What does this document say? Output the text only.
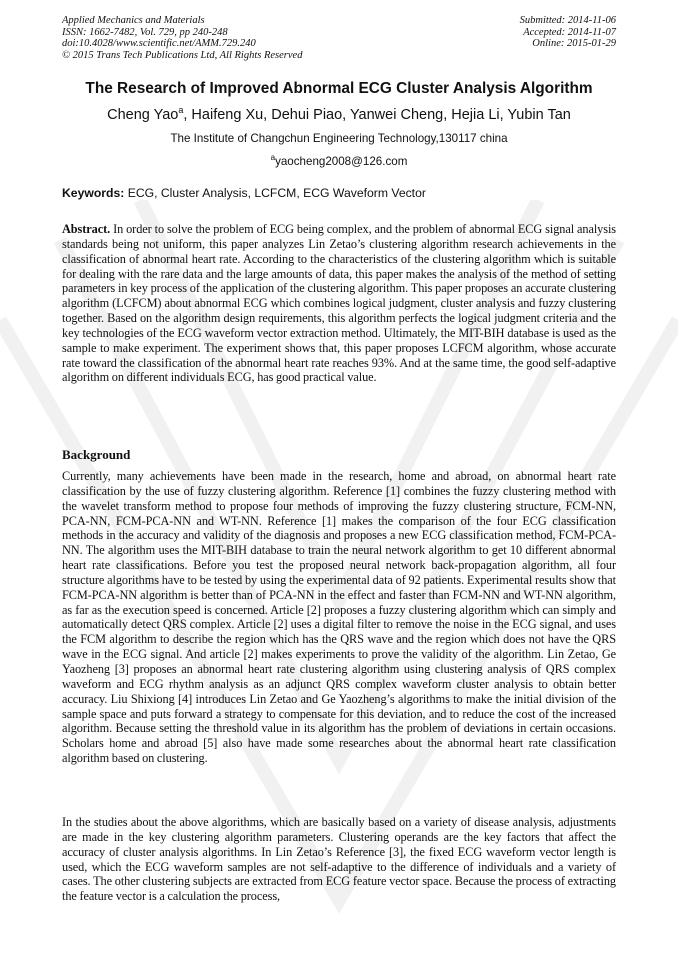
Applied Mechanics and Materials
ISSN: 1662-7482, Vol. 729, pp 240-248
doi:10.4028/www.scientific.net/AMM.729.240
© 2015 Trans Tech Publications Ltd, All Rights Reserved
Submitted: 2014-11-06
Accepted: 2014-11-07
Online: 2015-01-29
The Research of Improved Abnormal ECG Cluster Analysis Algorithm
Cheng Yao$^a$, Haifeng Xu, Dehui Piao, Yanwei Cheng, Hejia Li, Yubin Tan
The Institute of Changchun Engineering Technology,130117 china
$^a$yaocheng2008@126.com
Keywords: ECG, Cluster Analysis, LCFCM, ECG Waveform Vector
Abstract. In order to solve the problem of ECG being complex, and the problem of abnormal ECG signal analysis standards being not uniform, this paper analyzes Lin Zetao’s clustering algorithm research achievements in the classification of abnormal heart rate. According to the characteristics of the clustering algorithm which is suitable for dealing with the rare data and the large amounts of data, this paper makes the analysis of the method of setting parameters in key process of the application of the clustering algorithm. This paper proposes an accurate clustering algorithm (LCFCM) about abnormal ECG which combines logical judgment, cluster analysis and fuzzy clustering together. Based on the algorithm design requirements, this algorithm perfects the logical judgment criteria and the key technologies of the ECG waveform vector extraction method. Ultimately, the MIT-BIH database is used as the sample to make experiment. The experiment shows that, this paper proposes LCFCM algorithm, whose accurate rate toward the classification of the abnormal heart rate reaches 93%. And at the same time, the good self-adaptive algorithm on different individuals ECG, has good practical value.
Background
Currently, many achievements have been made in the research, home and abroad, on abnormal heart rate classification by the use of fuzzy clustering algorithm. Reference [1] combines the fuzzy clustering method with the wavelet transform method to propose four methods of improving the fuzzy clustering structure, FCM-NN, PCA-NN, FCM-PCA-NN and WT-NN. Reference [1] makes the comparison of the four ECG classification methods in the accuracy and validity of the diagnosis and proposes a new ECG classification method, FCM-PCA-NN. The algorithm uses the MIT-BIH database to train the neural network algorithm to get 10 different abnormal heart rate classifications. Before you test the proposed neural network back-propagation algorithm, all four structure algorithms have to be tested by using the experimental data of 92 patients. Experimental results show that FCM-PCA-NN algorithm is better than of PCA-NN in the effect and faster than FCM-NN and WT-NN algorithm, as far as the execution speed is concerned. Article [2] proposes a fuzzy clustering algorithm which can simply and automatically detect QRS complex. Article [2] uses a digital filter to remove the noise in the ECG signal, and uses the FCM algorithm to describe the region which has the QRS wave and the region which does not have the QRS wave in the ECG signal. And article [2] makes experiments to prove the validity of the algorithm. Lin Zetao, Ge Yaozheng [3] proposes an abnormal heart rate clustering algorithm using clustering analysis of QRS complex waveform and ECG rhythm analysis as an adjunct QRS complex waveform cluster analysis to obtain better accuracy. Liu Shixiong [4] introduces Lin Zetao and Ge Yaozheng’s algorithms to make the initial division of the sample space and puts forward a strategy to compensate for this deviation, and to reduce the cost of the increased algorithm. Because setting the threshold value in its algorithm has the problem of deviations in certain occasions. Scholars home and abroad [5] also have made some researches about the abnormal heart rate classification algorithm based on clustering.
In the studies about the above algorithms, which are basically based on a variety of disease analysis, adjustments are made in the key clustering algorithm parameters. Clustering operands are the key factors that affect the accuracy of cluster analysis algorithms. In Lin Zetao’s Reference [3], the fixed ECG waveform vector length is used, which the ECG waveform samples are not self-adaptive to the difference of individuals and a variety of cases. The other clustering subjects are extracted from ECG feature vector space. Because the process of extracting the feature vector is a calculation the process,
